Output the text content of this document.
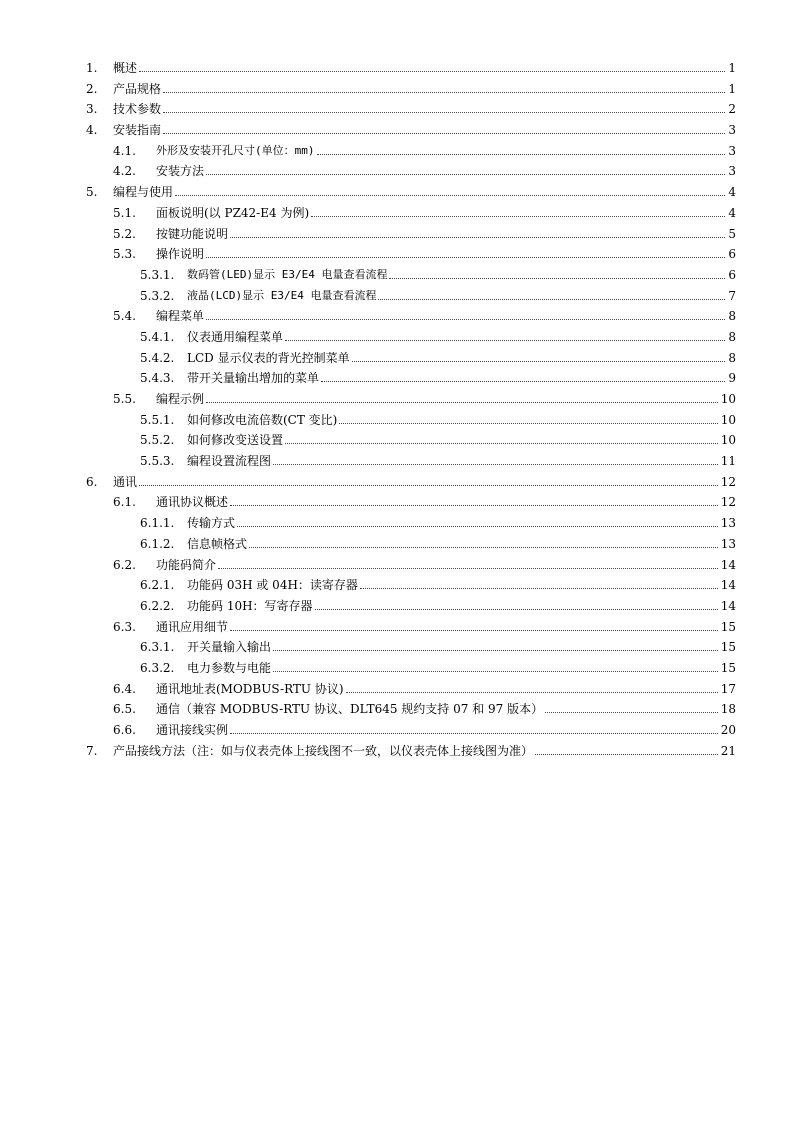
1. 概述	1
2. 产品规格	1
3. 技术参数	2
4. 安装指南	3
4.1. 外形及安装开孔尺寸(单位：mm)	3
4.2. 安装方法	3
5. 编程与使用	4
5.1. 面板说明(以 PZ42-E4 为例)	4
5.2. 按键功能说明	5
5.3. 操作说明	6
5.3.1. 数码管(LED)显示 E3/E4 电量查看流程	6
5.3.2. 液晶(LCD)显示 E3/E4 电量查看流程	7
5.4. 编程菜单	8
5.4.1. 仪表通用编程菜单	8
5.4.2. LCD 显示仪表的背光控制菜单	8
5.4.3. 带开关量输出增加的菜单	9
5.5. 编程示例	10
5.5.1. 如何修改电流倍数(CT 变比)	10
5.5.2. 如何修改变送设置	10
5.5.3. 编程设置流程图	11
6. 通讯	12
6.1. 通讯协议概述	12
6.1.1. 传输方式	13
6.1.2. 信息帧格式	13
6.2. 功能码简介	14
6.2.1. 功能码 03H 或 04H：读寄存器	14
6.2.2. 功能码 10H：写寄存器	14
6.3. 通讯应用细节	15
6.3.1. 开关量输入输出	15
6.3.2. 电力参数与电能	15
6.4. 通讯地址表(MODBUS-RTU 协议)	17
6.5. 通信（兼容 MODBUS-RTU 协议、DLT645 规约支持 07 和 97 版本）	18
6.6. 通讯接线实例	20
7. 产品接线方法（注：如与仪表壳体上接线图不一致，以仪表壳体上接线图为准）	21
